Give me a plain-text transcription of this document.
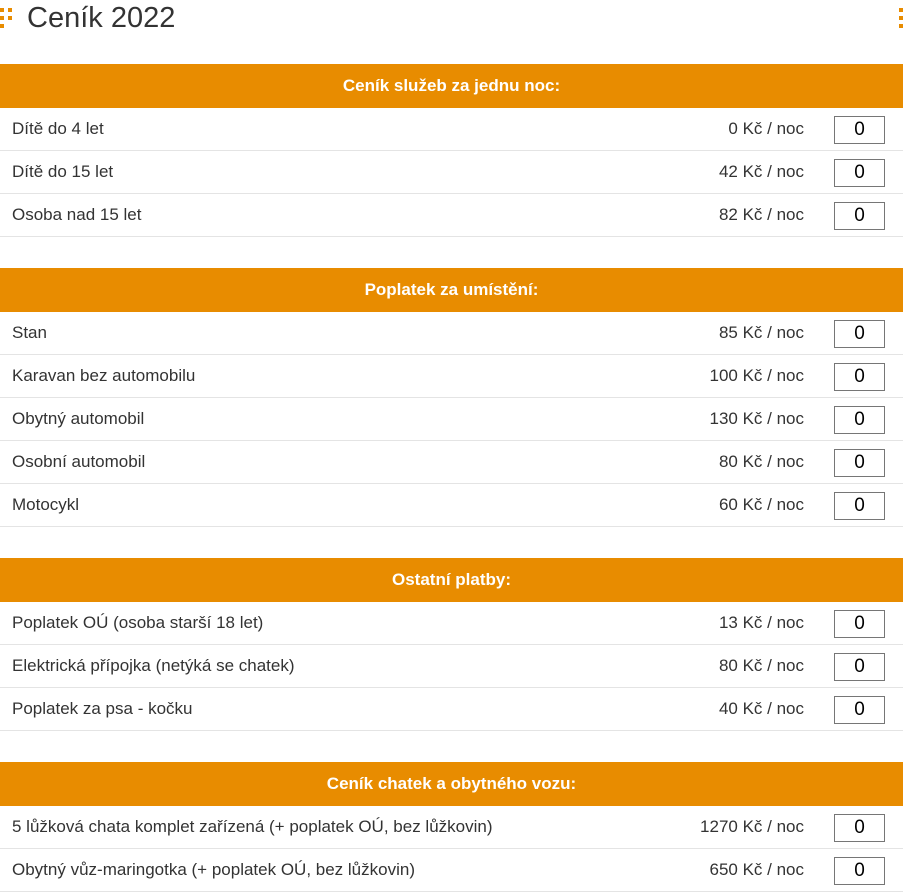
Ceník 2022
Ceník služeb za jednu noc:
Dítě do 4 let	0 Kč / noc
0
Dítě do 15 let	42 Kč / noc
0
Osoba nad 15 let	82 Kč / noc
0
Poplatek za umístění:
Stan	85 Kč / noc
0
Karavan bez automobilu	100 Kč / noc
0
Obytný automobil	130 Kč / noc
0
Osobní automobil	80 Kč / noc
0
Motocykl	60 Kč / noc
0
Ostatní platby:
Poplatek OÚ (osoba starší 18 let)	13 Kč / noc
0
Elektrická přípojka (netýká se chatek)	80 Kč / noc
0
Poplatek za psa - kočku	40 Kč / noc
0
Ceník chatek a obytného vozu:
5 lůžková chata komplet zařízená (+ poplatek OÚ, bez lůžkovin)	1270 Kč / noc
0
Obytný vůz-maringotka (+ poplatek OÚ, bez lůžkovin)	650 Kč / noc
0
